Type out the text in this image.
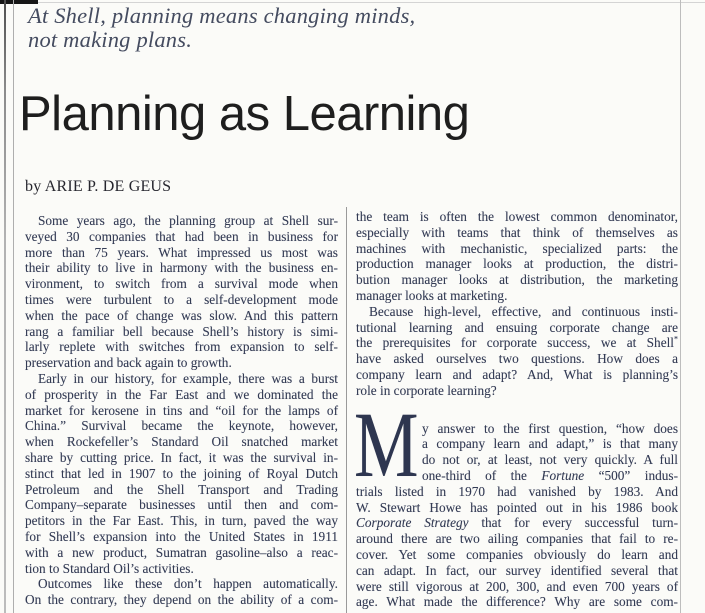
At Shell, planning means changing minds,
not making plans.
Planning as Learning
by ARIE P. DE GEUS
Some years ago, the planning group at Shell sur-
veyed 30 companies that had been in business for
more than 75 years. What impressed us most was
their ability to live in harmony with the business en-
vironment, to switch from a survival mode when
times were turbulent to a self-development mode
when the pace of change was slow. And this pattern
rang a familiar bell because Shell’s history is simi-
larly replete with switches from expansion to self-
preservation and back again to growth.
Early in our history, for example, there was a burst
of prosperity in the Far East and we dominated the
market for kerosene in tins and “oil for the lamps of
China.” Survival became the keynote, however,
when Rockefeller’s Standard Oil snatched market
share by cutting price. In fact, it was the survival in-
stinct that led in 1907 to the joining of Royal Dutch
Petroleum and the Shell Transport and Trading
Company–separate businesses until then and com-
petitors in the Far East. This, in turn, paved the way
for Shell’s expansion into the United States in 1911
with a new product, Sumatran gasoline–also a reac-
tion to Standard Oil’s activities.
Outcomes like these don’t happen automatically.
On the contrary, they depend on the ability of a com-
the team is often the lowest common denominator,
especially with teams that think of themselves as
machines with mechanistic, specialized parts: the
production manager looks at production, the distri-
bution manager looks at distribution, the marketing
manager looks at marketing.
Because high-level, effective, and continuous insti-
tutional learning and ensuing corporate change are
the prerequisites for corporate success, we at Shell*
have asked ourselves two questions. How does a
company learn and adapt? And, What is planning’s
role in corporate learning?
M y answer to the first question, “how does
a company learn and adapt,” is that many
do not or, at least, not very quickly. A full
one-third of the Fortune “500” indus-
trials listed in 1970 had vanished by 1983. And
W. Stewart Howe has pointed out in his 1986 book
Corporate Strategy that for every successful turn-
around there are two ailing companies that fail to re-
cover. Yet some companies obviously do learn and
can adapt. In fact, our survey identified several that
were still vigorous at 200, 300, and even 700 years of
age. What made the difference? Why are some com-
